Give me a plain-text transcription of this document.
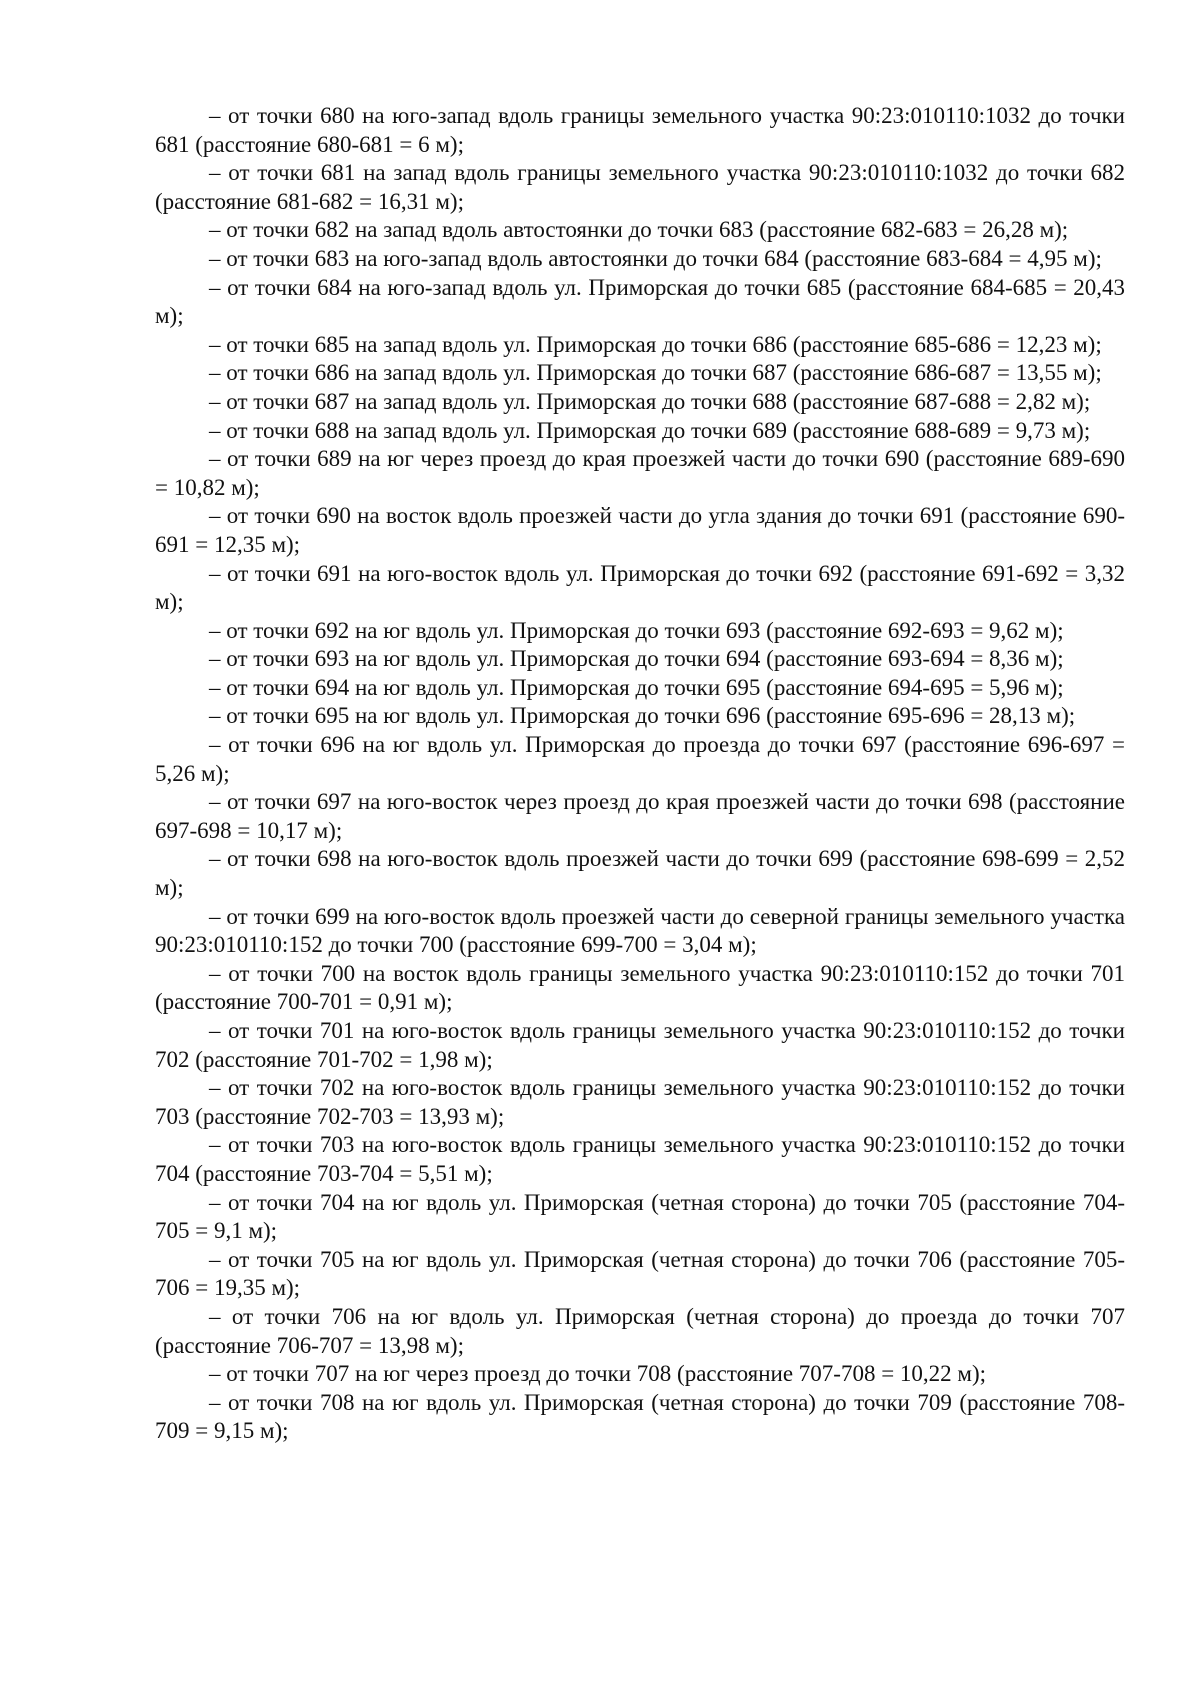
– от точки 680 на юго-запад вдоль границы земельного участка 90:23:010110:1032 до точки 681 (расстояние 680-681 = 6 м);

– от точки 681 на запад вдоль границы земельного участка 90:23:010110:1032 до точки 682 (расстояние 681-682 = 16,31 м);

– от точки 682 на запад вдоль автостоянки до точки 683 (расстояние 682-683 = 26,28 м);

– от точки 683 на юго-запад вдоль автостоянки до точки 684 (расстояние 683-684 = 4,95 м);

– от точки 684 на юго-запад вдоль ул. Приморская до точки 685 (расстояние 684-685 = 20,43 м);

– от точки 685 на запад вдоль ул. Приморская до точки 686 (расстояние 685-686 = 12,23 м);

– от точки 686 на запад вдоль ул. Приморская до точки 687 (расстояние 686-687 = 13,55 м);

– от точки 687 на запад вдоль ул. Приморская до точки 688 (расстояние 687-688 = 2,82 м);

– от точки 688 на запад вдоль ул. Приморская до точки 689 (расстояние 688-689 = 9,73 м);

– от точки 689 на юг через проезд до края проезжей части до точки 690 (расстояние 689-690 = 10,82 м);

– от точки 690 на восток вдоль проезжей части до угла здания до точки 691 (расстояние 690-691 = 12,35 м);

– от точки 691 на юго-восток вдоль ул. Приморская до точки 692 (расстояние 691-692 = 3,32 м);

– от точки 692 на юг вдоль ул. Приморская до точки 693 (расстояние 692-693 = 9,62 м);

– от точки 693 на юг вдоль ул. Приморская до точки 694 (расстояние 693-694 = 8,36 м);

– от точки 694 на юг вдоль ул. Приморская до точки 695 (расстояние 694-695 = 5,96 м);

– от точки 695 на юг вдоль ул. Приморская до точки 696 (расстояние 695-696 = 28,13 м);

– от точки 696 на юг вдоль ул. Приморская до проезда до точки 697 (расстояние 696-697 = 5,26 м);

– от точки 697 на юго-восток через проезд до края проезжей части до точки 698 (расстояние 697-698 = 10,17 м);

– от точки 698 на юго-восток вдоль проезжей части до точки 699 (расстояние 698-699 = 2,52 м);

– от точки 699 на юго-восток вдоль проезжей части до северной границы земельного участка 90:23:010110:152 до точки 700 (расстояние 699-700 = 3,04 м);

– от точки 700 на восток вдоль границы земельного участка 90:23:010110:152 до точки 701 (расстояние 700-701 = 0,91 м);

– от точки 701 на юго-восток вдоль границы земельного участка 90:23:010110:152 до точки 702 (расстояние 701-702 = 1,98 м);

– от точки 702 на юго-восток вдоль границы земельного участка 90:23:010110:152 до точки 703 (расстояние 702-703 = 13,93 м);

– от точки 703 на юго-восток вдоль границы земельного участка 90:23:010110:152 до точки 704 (расстояние 703-704 = 5,51 м);

– от точки 704 на юг вдоль ул. Приморская (четная сторона) до точки 705 (расстояние 704-705 = 9,1 м);

– от точки 705 на юг вдоль ул. Приморская (четная сторона) до точки 706 (расстояние 705-706 = 19,35 м);

– от точки 706 на юг вдоль ул. Приморская (четная сторона) до проезда до точки 707 (расстояние 706-707 = 13,98 м);

– от точки 707 на юг через проезд до точки 708 (расстояние 707-708 = 10,22 м);

– от точки 708 на юг вдоль ул. Приморская (четная сторона) до точки 709 (расстояние 708-709 = 9,15 м);
